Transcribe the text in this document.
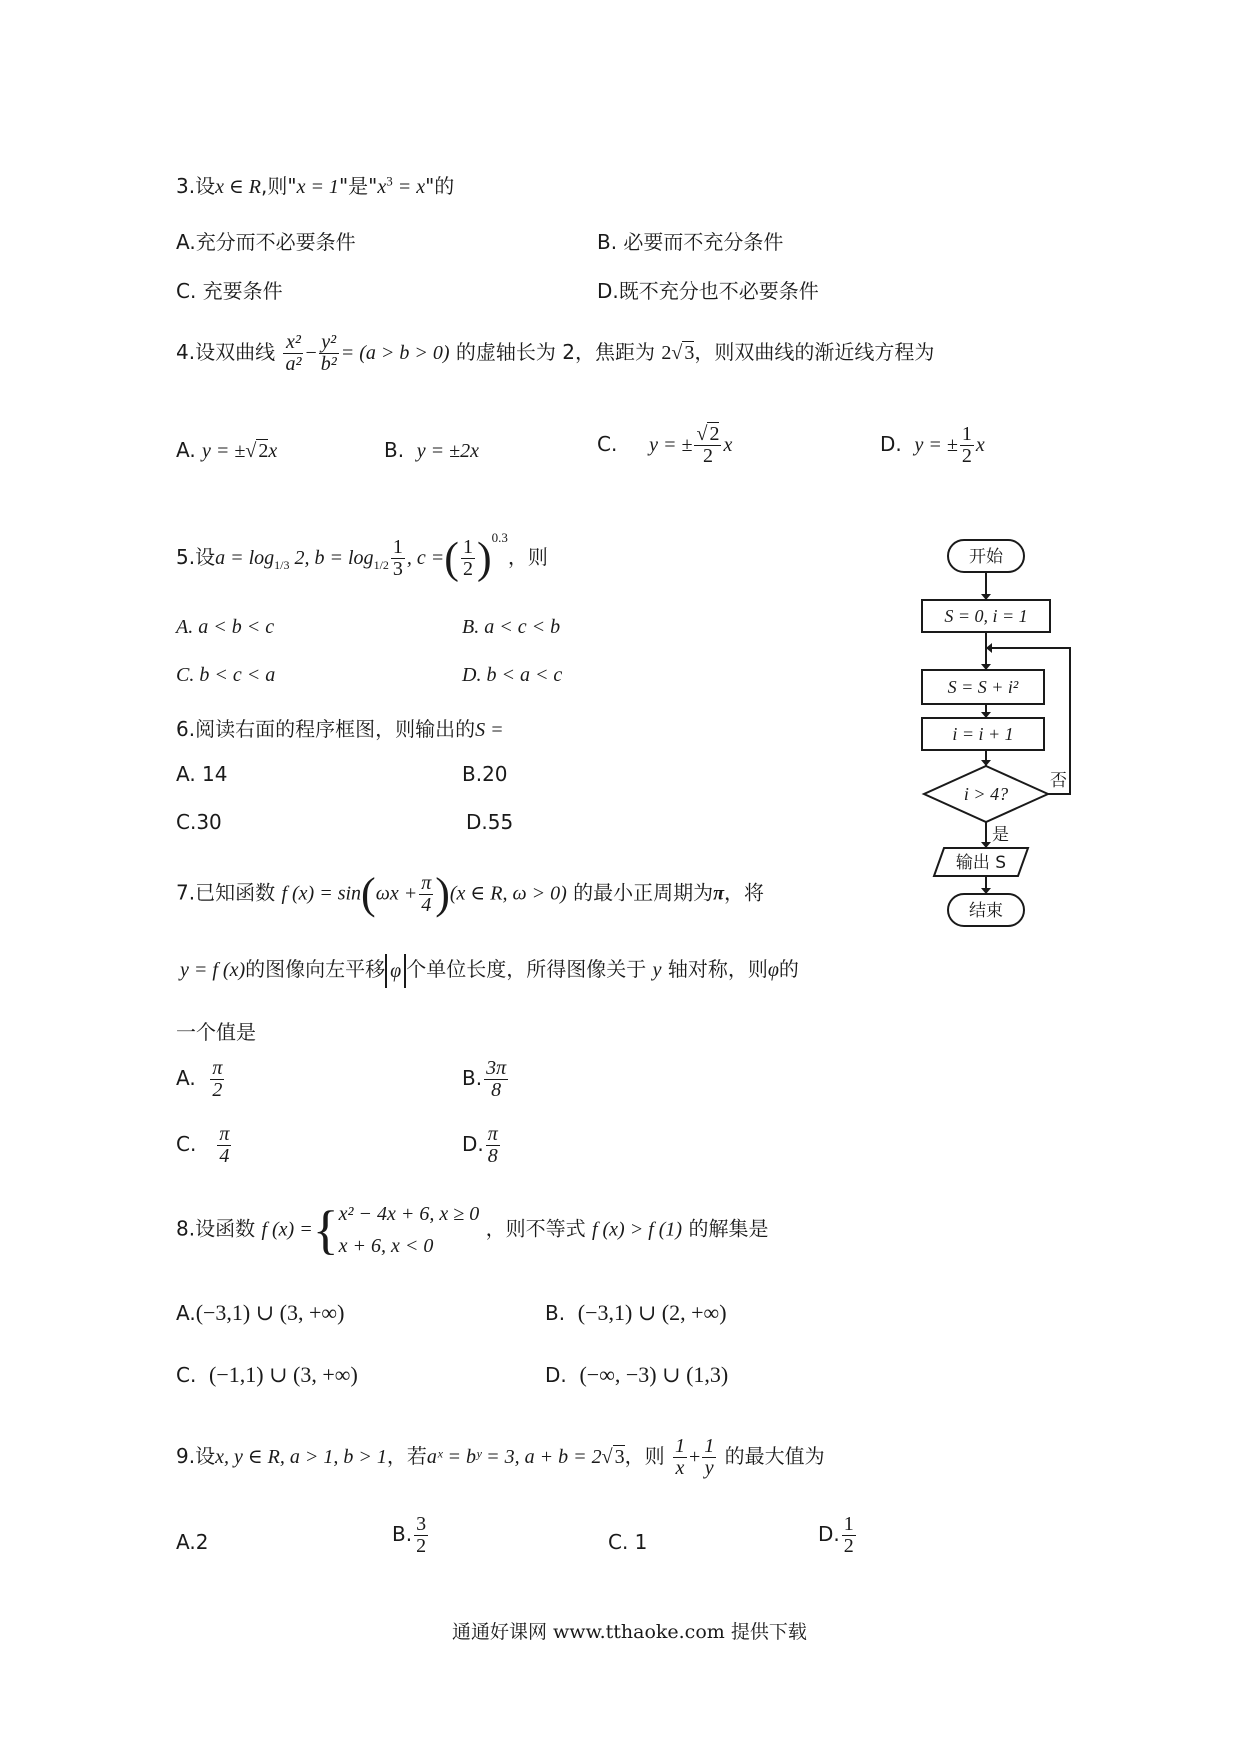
3.设x ∈ R,则"x = 1"是"$x^3 = x$"的
A.充分而不必要条件	B. 必要而不充分条件
C. 充要条件	D.既不充分也不必要条件
4.设双曲线 $\frac{\text{x²}}{\text{a²}} - \frac{\text{y²}}{\text{b²}} = (a > b > 0)$ 的虚轴长为 2，焦距为 2√ 3，则双曲线的渐近线方程为
A. y = ±√ 2x	B. y = ±2x	C. y = ± $\frac{√ 2}{2}$ x	D. y = ± $\frac{1}{2}$ x
5.设$a = \log_{1/3} 2$, $b = \log_{1/2} \frac{1}{3}$ , c =( $\frac{1}{2} )^{0.3}$，则
A. a < b < c	B. a < c < b
C. b < c < a	D. b < a < c
6.阅读右面的程序框图，则输出的S =
A. 14	B.20
C.30	D.55
开始
S = 0, i = 1
S = S + i²
i = i + 1
i > 4?
否
是
输出 S
结束
7.已知函数 f $(x) = \sin(\omega x + \frac{\pi}{4} )(x$ ∈ R, ω > 0) 的最小正周期为π，将
y = f (x)的图像向左平移 φ 个单位长度，所得图像关于 y 轴对称，则φ的
一个值是
A. $\frac{\pi}{2}$	B. $\frac{3\pi}{8}$
C. $\frac{\pi}{4}$	D. $\frac{\pi}{8}$
8.设函数 f (x) ={ x² − 4x + 6, x ≥ 0
x + 6, x < 0
，则不等式 f (x) > f (1) 的解集是
A.(−3,1) ∪ (3, +∞)	B. (−3,1) ∪ (2, +∞)
C. (−1,1) ∪ (3, +∞)	D. (−∞, −3) ∪ (1,3)
9.设x, y ∈ R, a > 1, b > 1，若aˣ = bʸ = 3, a + b = 2√ 3，则 $\frac{1}{x} + \frac{1}{y}$ 的最大值为
A.2	B. $\frac{3}{2}$	C. 1	D. $\frac{1}{2}$
通通好课网 www.tthaoke.com 提供下载
